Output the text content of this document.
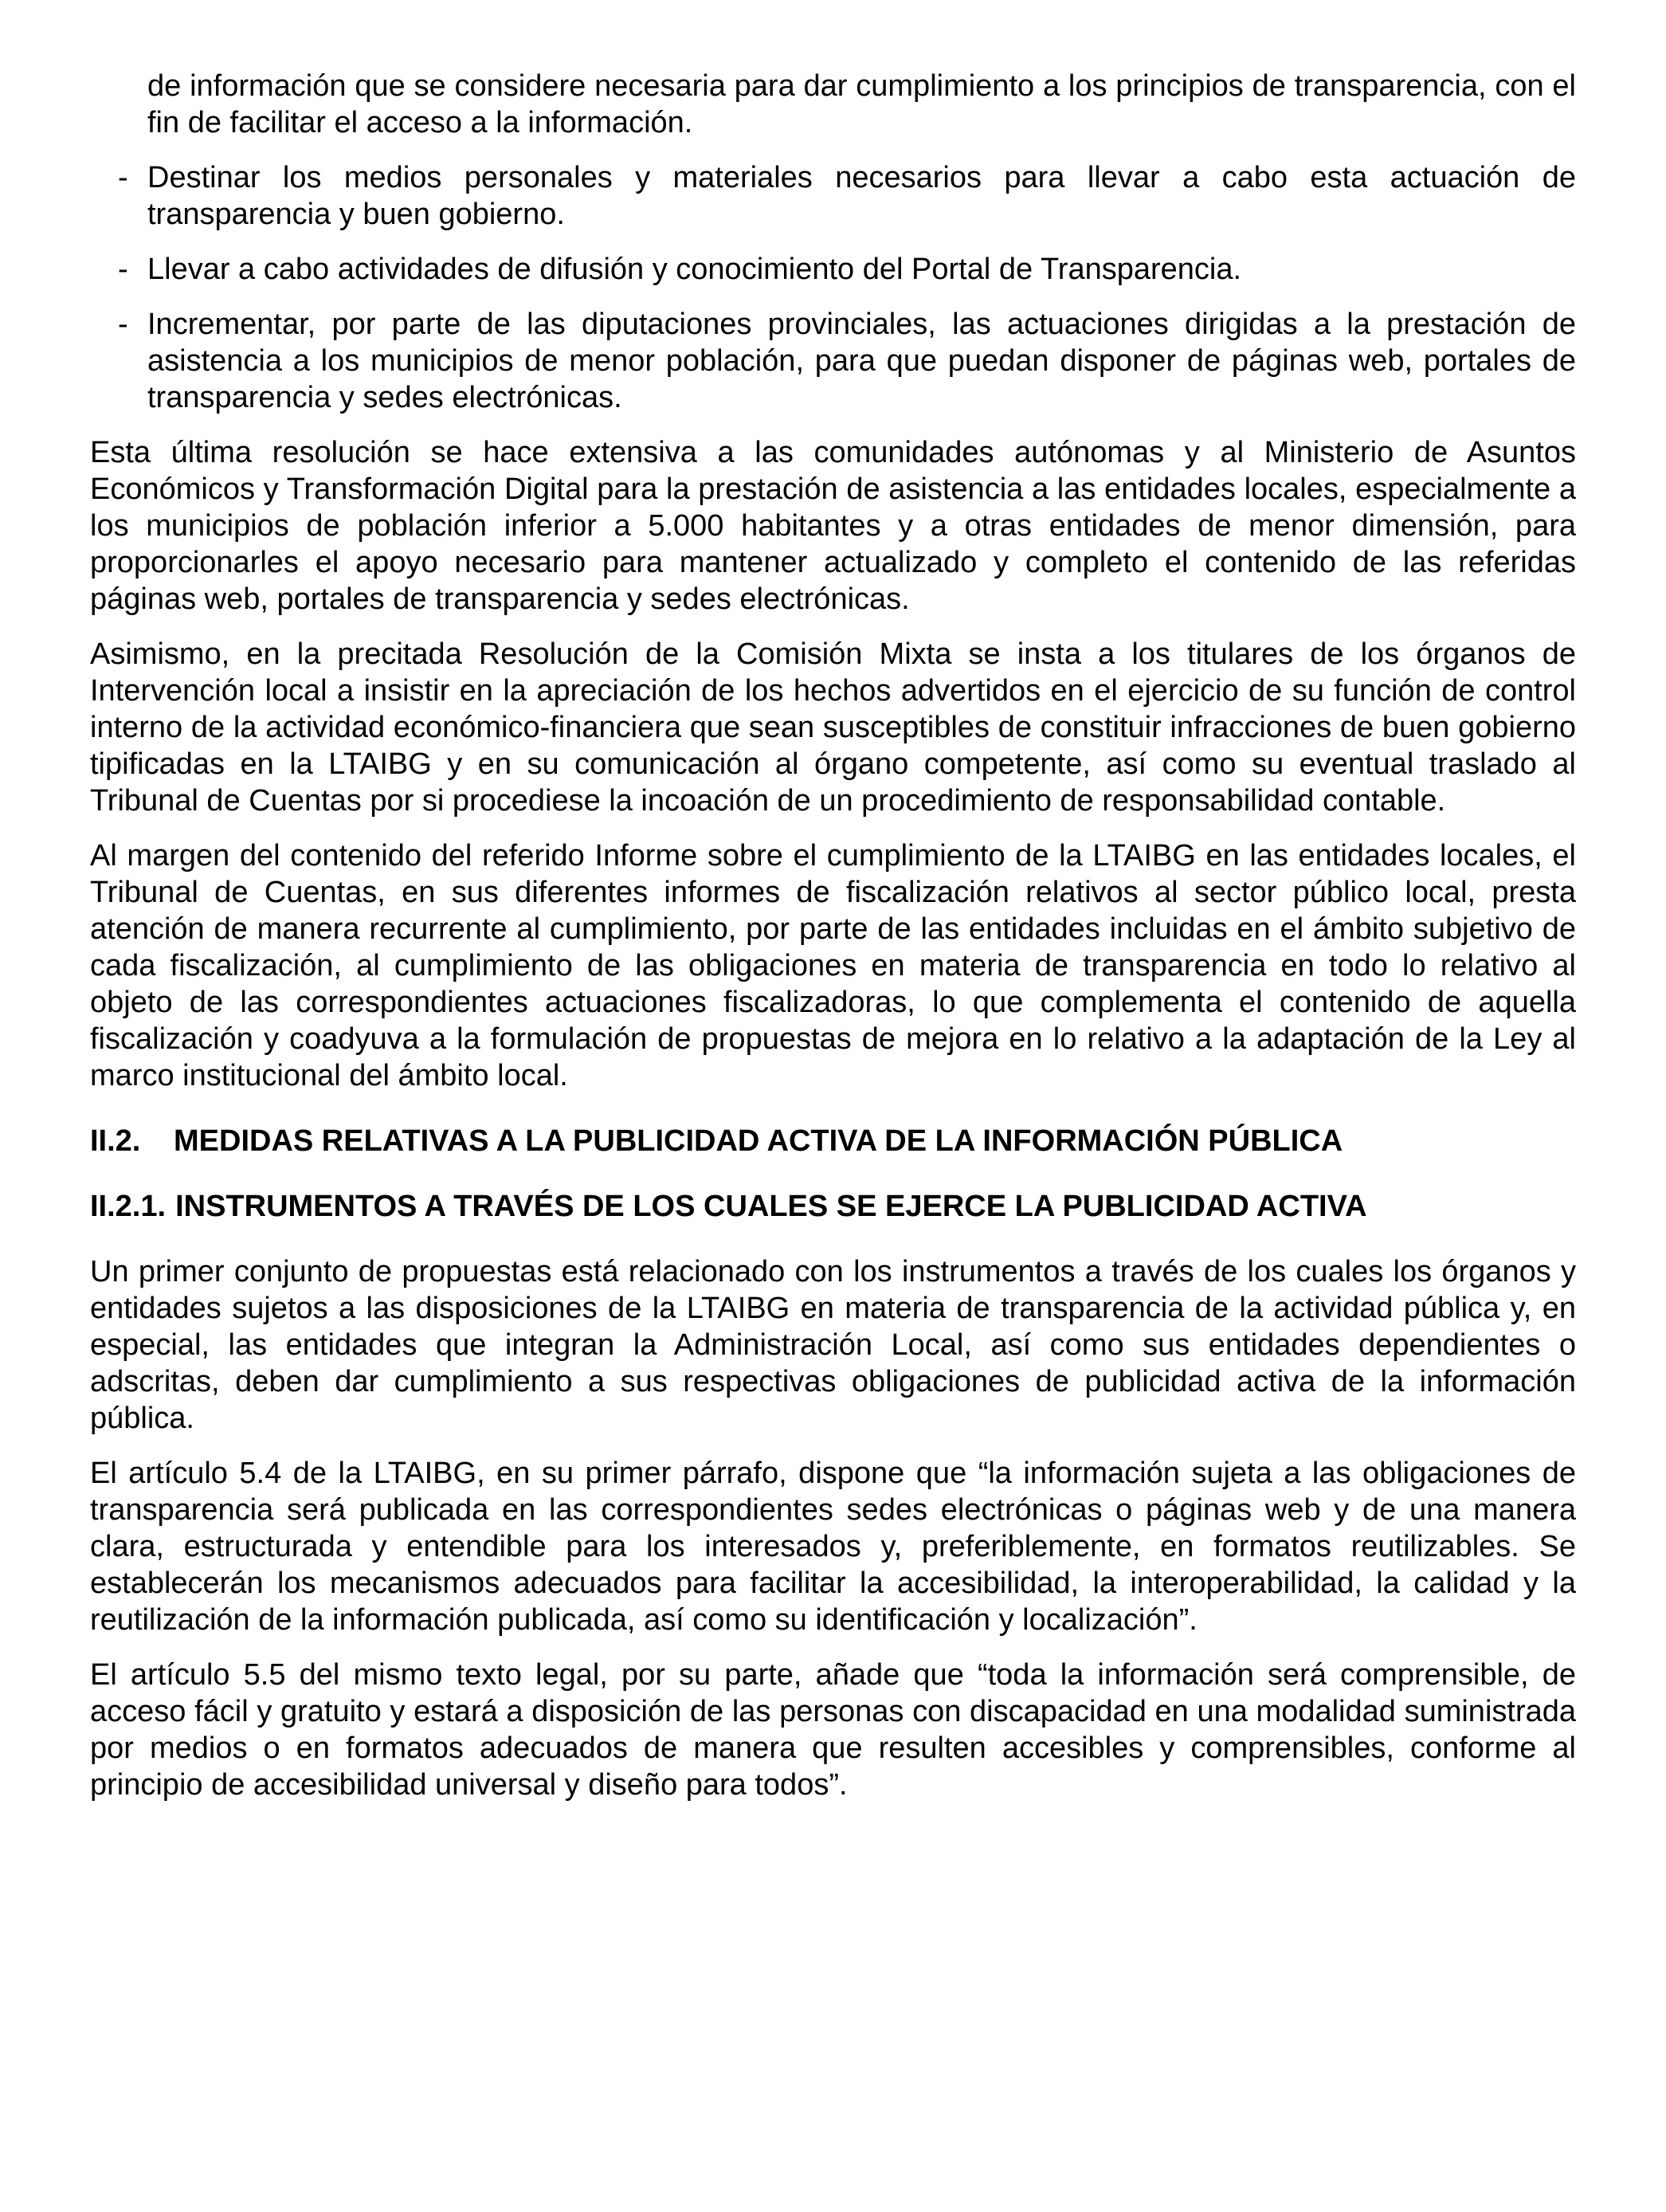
de información que se considere necesaria para dar cumplimiento a los principios de transparencia, con el fin de facilitar el acceso a la información.

- Destinar los medios personales y materiales necesarios para llevar a cabo esta actuación de transparencia y buen gobierno.

- Llevar a cabo actividades de difusión y conocimiento del Portal de Transparencia.

- Incrementar, por parte de las diputaciones provinciales, las actuaciones dirigidas a la prestación de asistencia a los municipios de menor población, para que puedan disponer de páginas web, portales de transparencia y sedes electrónicas.

Esta última resolución se hace extensiva a las comunidades autónomas y al Ministerio de Asuntos Económicos y Transformación Digital para la prestación de asistencia a las entidades locales, especialmente a los municipios de población inferior a 5.000 habitantes y a otras entidades de menor dimensión, para proporcionarles el apoyo necesario para mantener actualizado y completo el contenido de las referidas páginas web, portales de transparencia y sedes electrónicas.

Asimismo, en la precitada Resolución de la Comisión Mixta se insta a los titulares de los órganos de Intervención local a insistir en la apreciación de los hechos advertidos en el ejercicio de su función de control interno de la actividad económico-financiera que sean susceptibles de constituir infracciones de buen gobierno tipificadas en la LTAIBG y en su comunicación al órgano competente, así como su eventual traslado al Tribunal de Cuentas por si procediese la incoación de un procedimiento de responsabilidad contable.

Al margen del contenido del referido Informe sobre el cumplimiento de la LTAIBG en las entidades locales, el Tribunal de Cuentas, en sus diferentes informes de fiscalización relativos al sector público local, presta atención de manera recurrente al cumplimiento, por parte de las entidades incluidas en el ámbito subjetivo de cada fiscalización, al cumplimiento de las obligaciones en materia de transparencia en todo lo relativo al objeto de las correspondientes actuaciones fiscalizadoras, lo que complementa el contenido de aquella fiscalización y coadyuva a la formulación de propuestas de mejora en lo relativo a la adaptación de la Ley al marco institucional del ámbito local.

II.2. MEDIDAS RELATIVAS A LA PUBLICIDAD ACTIVA DE LA INFORMACIÓN PÚBLICA
II.2.1. INSTRUMENTOS A TRAVÉS DE LOS CUALES SE EJERCE LA PUBLICIDAD ACTIVA

Un primer conjunto de propuestas está relacionado con los instrumentos a través de los cuales los órganos y entidades sujetos a las disposiciones de la LTAIBG en materia de transparencia de la actividad pública y, en especial, las entidades que integran la Administración Local, así como sus entidades dependientes o adscritas, deben dar cumplimiento a sus respectivas obligaciones de publicidad activa de la información pública.

El artículo 5.4 de la LTAIBG, en su primer párrafo, dispone que “la información sujeta a las obligaciones de transparencia será publicada en las correspondientes sedes electrónicas o páginas web y de una manera clara, estructurada y entendible para los interesados y, preferiblemente, en formatos reutilizables. Se establecerán los mecanismos adecuados para facilitar la accesibilidad, la interoperabilidad, la calidad y la reutilización de la información publicada, así como su identificación y localización”.

El artículo 5.5 del mismo texto legal, por su parte, añade que “toda la información será comprensible, de acceso fácil y gratuito y estará a disposición de las personas con discapacidad en una modalidad suministrada por medios o en formatos adecuados de manera que resulten accesibles y comprensibles, conforme al principio de accesibilidad universal y diseño para todos”.
